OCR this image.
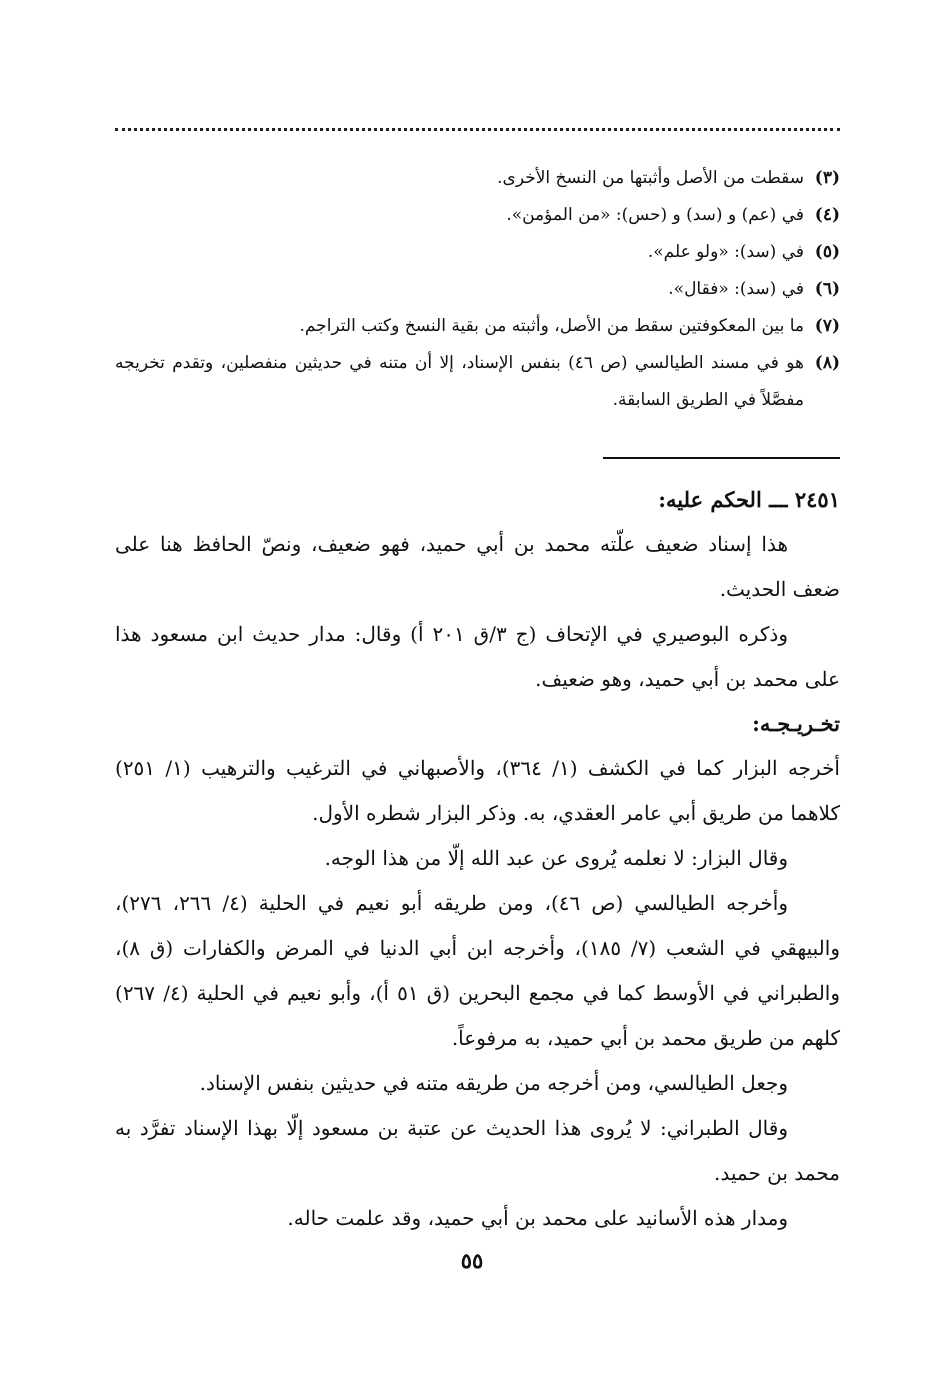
(٣)سقطت من الأصل وأثبتها من النسخ الأخرى.
(٤)في (عم) و (سد) و (حس): «من المؤمن».
(٥)في (سد): «ولو علم».
(٦)في (سد): «فقال».
(٧)ما بين المعكوفتين سقط من الأصل، وأثبته من بقية النسخ وكتب التراجم.
(٨)
هو في مسند الطيالسي (ص ٤٦) بنفس الإسناد، إلا أن متنه في حديثين منفصلين، وتقدم تخريجه مفصَّلاً في الطريق السابقة.
٢٤٥١ ـــ الحكم عليه:
هذا إسناد ضعيف علّته محمد بن أبي حميد، فهو ضعيف، ونصّ الحافظ هنا على ضعف الحديث.
وذكره البوصيري في الإتحاف (ج ٣/ق ٢٠١ أ) وقال: مدار حديث ابن مسعود هذا على محمد بن أبي حميد، وهو ضعيف.
تخـريـجـه:
أخرجه البزار كما في الكشف (١/ ٣٦٤)، والأصبهاني في الترغيب والترهيب (١/ ٢٥١) كلاهما من طريق أبي عامر العقدي، به. وذكر البزار شطره الأول.
وقال البزار: لا نعلمه يُروى عن عبد الله إلّا من هذا الوجه.
وأخرجه الطيالسي (ص ٤٦)، ومن طريقه أبو نعيم في الحلية (٤/ ٢٦٦، ٢٧٦)، والبيهقي في الشعب (٧/ ١٨٥)، وأخرجه ابن أبي الدنيا في المرض والكفارات (ق ٨)، والطبراني في الأوسط كما في مجمع البحرين (ق ٥١ أ)، وأبو نعيم في الحلية (٤/ ٢٦٧) كلهم من طريق محمد بن أبي حميد، به مرفوعاً.
وجعل الطيالسي، ومن أخرجه من طريقه متنه في حديثين بنفس الإسناد.
وقال الطبراني: لا يُروى هذا الحديث عن عتبة بن مسعود إلّا بهذا الإسناد تفرَّد به محمد بن حميد.
ومدار هذه الأسانيد على محمد بن أبي حميد، وقد علمت حاله.
٥٥
